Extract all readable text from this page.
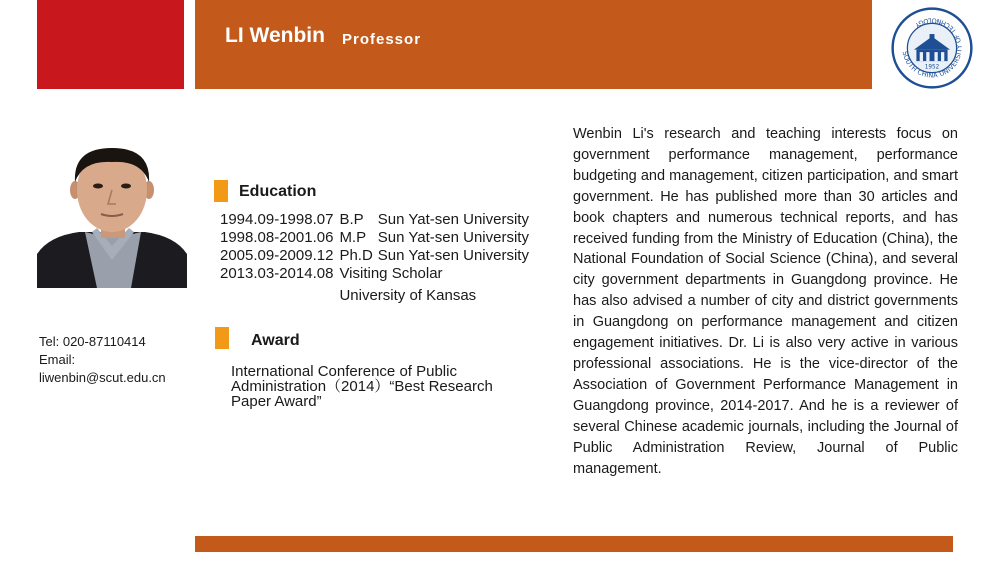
LI Wenbin Professor
SOUTH CHINA UNIVERSITY OF TECHNOLOGY
1952
Tel: 020-87110414
Email:
liwenbin@scut.edu.cn
Education
1994.09-1998.07	B.P	Sun Yat-sen University
1998.08-2001.06	M.P	Sun Yat-sen University
2005.09-2009.12	Ph.D	Sun Yat-sen University
2013.03-2014.08	Visiting Scholar	
	University of Kansas	
Award
International Conference of Public Administration（2014）“Best Research Paper Award”
Wenbin Li's research and teaching interests focus on government performance management, performance budgeting and management, citizen participation, and smart government. He has published more than 30 articles and book chapters and numerous technical reports, and has received funding from the Ministry of Education (China), the National Foundation of Social Science (China), and several city government departments in Guangdong province. He has also advised a number of city and district governments in Guangdong on performance management and citizen engagement initiatives. Dr. Li is also very active in various professional associations. He is the vice-director of the Association of Government Performance Management in Guangdong province, 2014-2017. And he is a reviewer of several Chinese academic journals, including the Journal of Public Administration Review, Journal of Public management.
